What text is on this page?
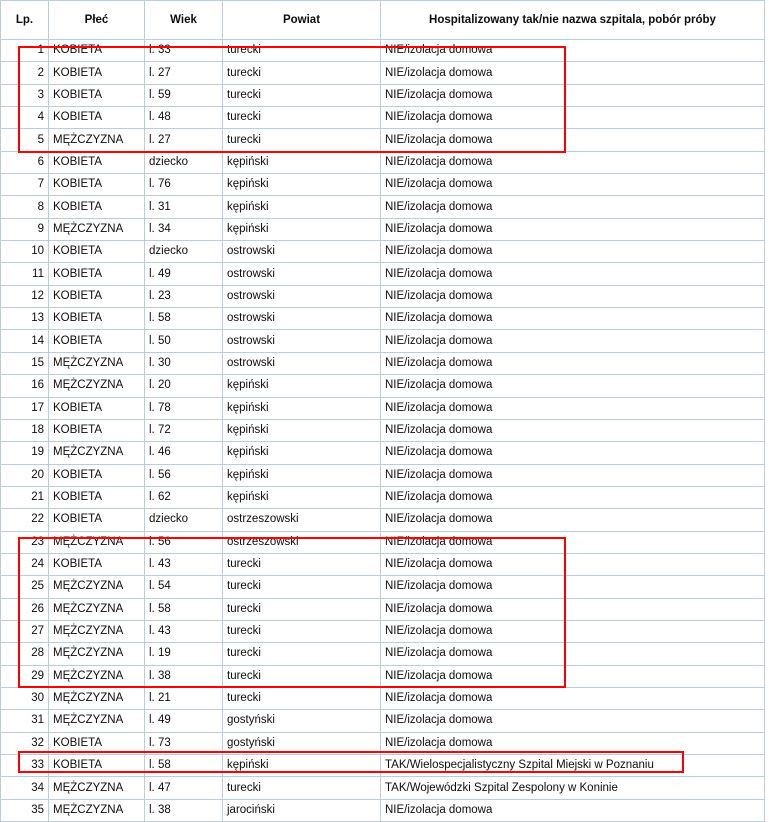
Lp.	Płeć	Wiek	Powiat	Hospitalizowany tak/nie nazwa szpitala, pobór próby
1	KOBIETA	l. 33	turecki	NIE/izolacja domowa
2	KOBIETA	l. 27	turecki	NIE/izolacja domowa
3	KOBIETA	l. 59	turecki	NIE/izolacja domowa
4	KOBIETA	l. 48	turecki	NIE/izolacja domowa
5	MĘŻCZYZNA	l. 27	turecki	NIE/izolacja domowa
6	KOBIETA	dziecko	kępiński	NIE/izolacja domowa
7	KOBIETA	l. 76	kępiński	NIE/izolacja domowa
8	KOBIETA	l. 31	kępiński	NIE/izolacja domowa
9	MĘŻCZYZNA	l. 34	kępiński	NIE/izolacja domowa
10	KOBIETA	dziecko	ostrowski	NIE/izolacja domowa
11	KOBIETA	l. 49	ostrowski	NIE/izolacja domowa
12	KOBIETA	l. 23	ostrowski	NIE/izolacja domowa
13	KOBIETA	l. 58	ostrowski	NIE/izolacja domowa
14	KOBIETA	l. 50	ostrowski	NIE/izolacja domowa
15	MĘŻCZYZNA	l. 30	ostrowski	NIE/izolacja domowa
16	MĘŻCZYZNA	l. 20	kępiński	NIE/izolacja domowa
17	KOBIETA	l. 78	kępiński	NIE/izolacja domowa
18	KOBIETA	l. 72	kępiński	NIE/izolacja domowa
19	MĘŻCZYZNA	l. 46	kępiński	NIE/izolacja domowa
20	KOBIETA	l. 56	kępiński	NIE/izolacja domowa
21	KOBIETA	l. 62	kępiński	NIE/izolacja domowa
22	KOBIETA	dziecko	ostrzeszowski	NIE/izolacja domowa
23	MĘŻCZYZNA	l. 56	ostrzeszowski	NIE/izolacja domowa
24	KOBIETA	l. 43	turecki	NIE/izolacja domowa
25	MĘŻCZYZNA	l. 54	turecki	NIE/izolacja domowa
26	MĘŻCZYZNA	l. 58	turecki	NIE/izolacja domowa
27	MĘŻCZYZNA	l. 43	turecki	NIE/izolacja domowa
28	MĘŻCZYZNA	l. 19	turecki	NIE/izolacja domowa
29	MĘŻCZYZNA	l. 38	turecki	NIE/izolacja domowa
30	MĘŻCZYZNA	l. 21	turecki	NIE/izolacja domowa
31	MĘŻCZYZNA	l. 49	gostyński	NIE/izolacja domowa
32	KOBIETA	l. 73	gostyński	NIE/izolacja domowa
33	KOBIETA	l. 58	kępiński	TAK/Wielospecjalistyczny Szpital Miejski w Poznaniu
34	MĘŻCZYZNA	l. 47	turecki	TAK/Wojewódzki Szpital Zespolony w Koninie
35	MĘŻCZYZNA	l. 38	jarociński	NIE/izolacja domowa
